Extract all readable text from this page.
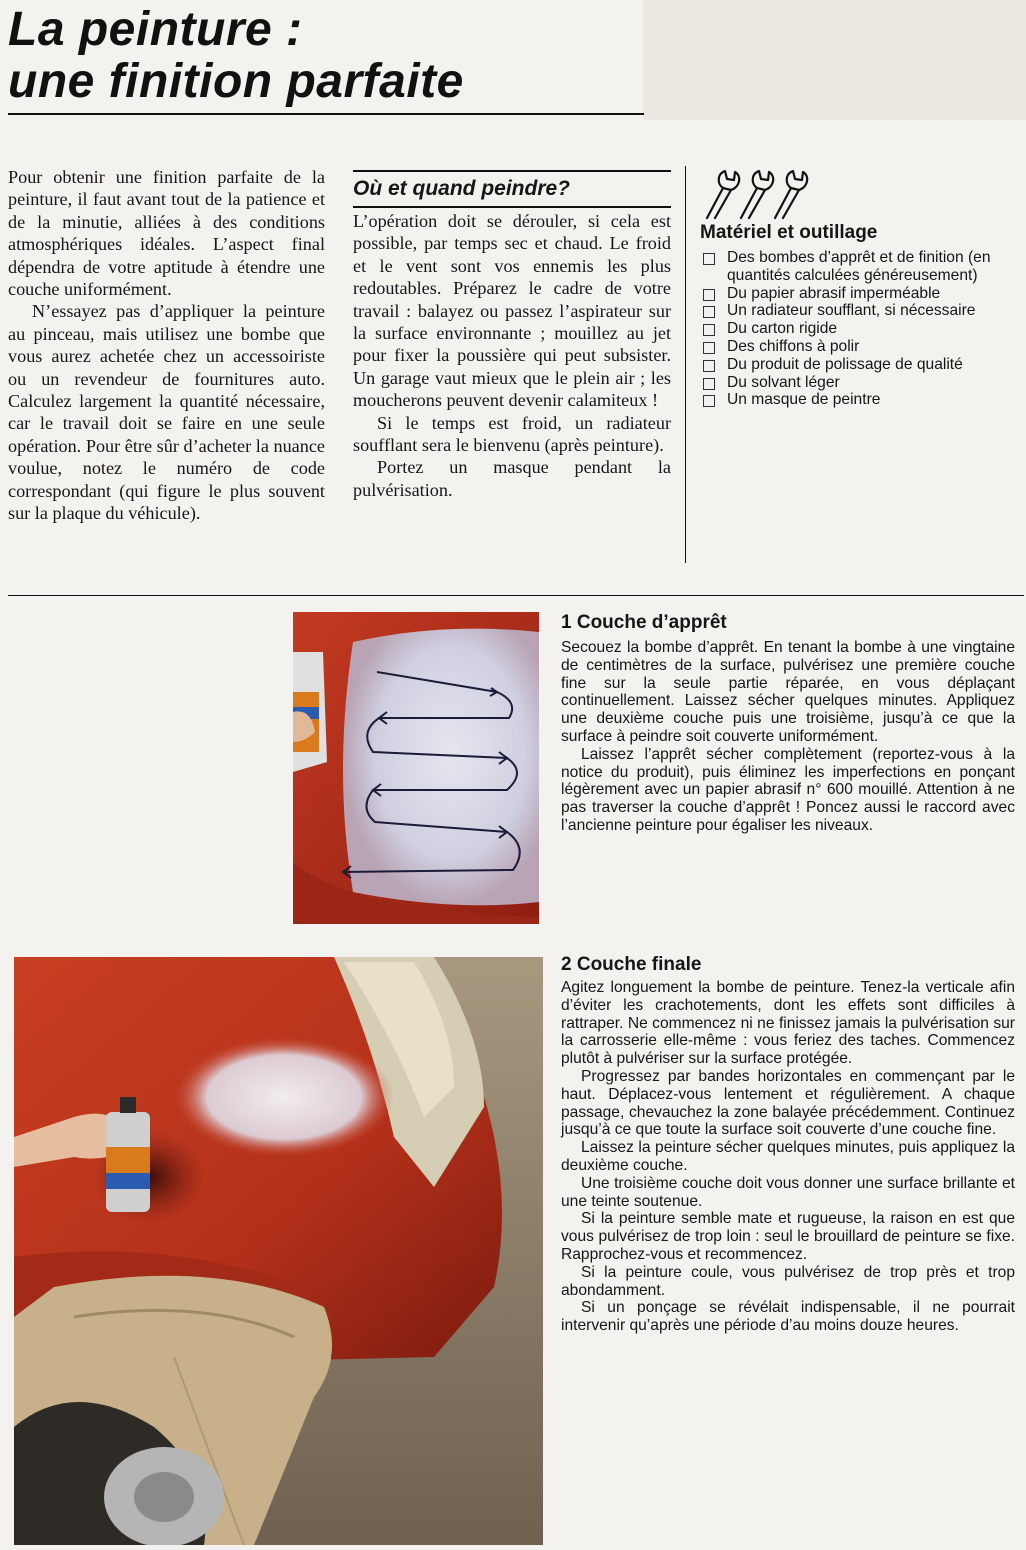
La peinture :
une finition parfaite

Pour obtenir une finition parfaite de la peinture, il faut avant tout de la patience et de la minutie, alliées à des conditions atmosphériques idéales. L’aspect final dépendra de votre aptitude à étendre une couche uniformément.

N’essayez pas d’appliquer la peinture au pinceau, mais utilisez une bombe que vous aurez achetée chez un accessoiriste ou un revendeur de fournitures auto. Calculez largement la quantité nécessaire, car le travail doit se faire en une seule opération. Pour être sûr d’acheter la nuance voulue, notez le numéro de code correspondant (qui figure le plus souvent sur la plaque du véhicule).

Où et quand peindre?

L’opération doit se dérouler, si cela est possible, par temps sec et chaud. Le froid et le vent sont vos ennemis les plus redoutables. Préparez le cadre de votre travail : balayez ou passez l’aspirateur sur la surface environnante ; mouillez au jet pour fixer la poussière qui peut subsister. Un garage vaut mieux que le plein air ; les moucherons peuvent devenir calamiteux !

Si le temps est froid, un radiateur soufflant sera le bienvenu (après peinture).

Portez un masque pendant la pulvérisation.

Matériel et outillage
Des bombes d’apprêt et de finition (en quantités calculées généreusement)
Du papier abrasif imperméable
Un radiateur soufflant, si nécessaire
Du carton rigide
Des chiffons à polir
Du produit de polissage de qualité
Du solvant léger
Un masque de peintre
1 Couche d’apprêt

Secouez la bombe d’apprêt. En tenant la bombe à une vingtaine de centimètres de la surface, pulvérisez une première couche fine sur la seule partie réparée, en vous déplaçant continuellement. Laissez sécher quelques minutes. Appliquez une deuxième couche puis une troisième, jusqu’à ce que la surface à peindre soit couverte uniformément.

Laissez l’apprêt sécher complètement (reportez-vous à la notice du produit), puis éliminez les imperfections en ponçant légèrement avec un papier abrasif n° 600 mouillé. Attention à ne pas traverser la couche d’apprêt ! Poncez aussi le raccord avec l’ancienne peinture pour égaliser les niveaux.

2 Couche finale

Agitez longuement la bombe de peinture. Tenez-la verticale afin d’éviter les crachotements, dont les effets sont difficiles à rattraper. Ne commencez ni ne finissez jamais la pulvérisation sur la carrosserie elle-même : vous feriez des taches. Commencez plutôt à pulvériser sur la surface protégée.

Progressez par bandes horizontales en commençant par le haut. Déplacez-vous lentement et régulièrement. A chaque passage, chevauchez la zone balayée précédemment. Continuez jusqu’à ce que toute la surface soit couverte d’une couche fine.

Laissez la peinture sécher quelques minutes, puis appliquez la deuxième couche.

Une troisième couche doit vous donner une surface brillante et une teinte soutenue.

Si la peinture semble mate et rugueuse, la raison en est que vous pulvérisez de trop loin : seul le brouillard de peinture se fixe. Rapprochez-vous et recommencez.

Si la peinture coule, vous pulvérisez de trop près et trop abondamment.

Si un ponçage se révélait indispensable, il ne pourrait intervenir qu’après une période d’au moins douze heures.
